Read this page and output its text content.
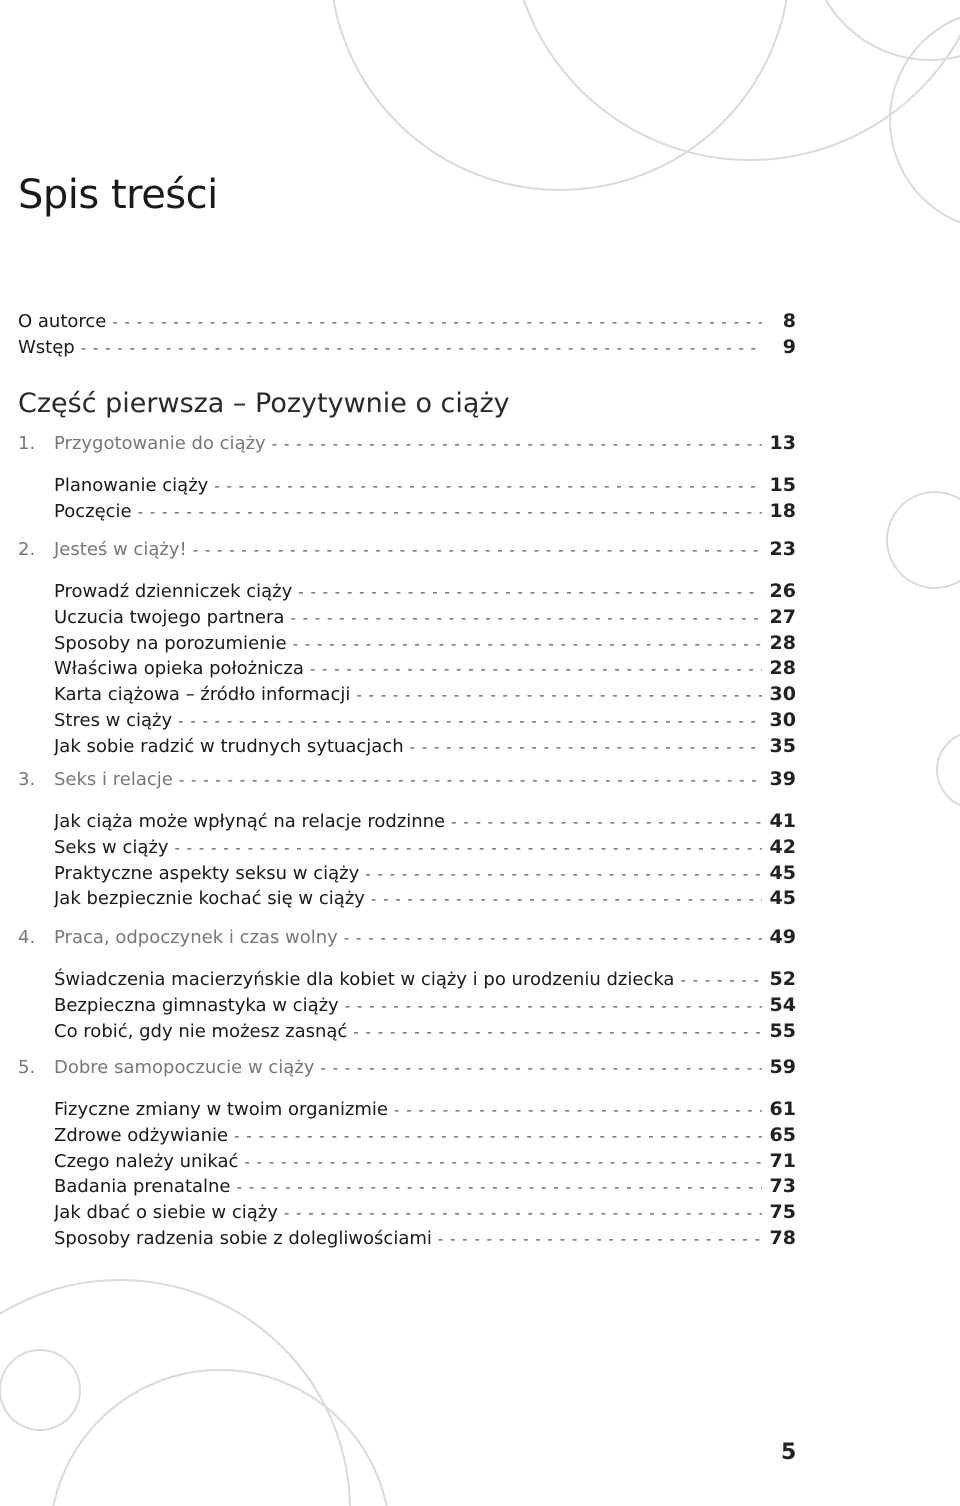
Spis treści
O autorce - - -	8
Wstęp - - -	9
Część pierwsza – Pozytywnie o ciąży
1.	Przygotowanie do ciąży - - -	13
Planowanie ciąży - - -	15
Poczęcie - - -	18
2.	Jesteś w ciąży! - - -	23
Prowadź dzienniczek ciąży - - -	26
Uczucia twojego partnera - - -	27
Sposoby na porozumienie - - -	28
Właściwa opieka położnicza - - -	28
Karta ciążowa – źródło informacji - - -	30
Stres w ciąży - - -	30
Jak sobie radzić w trudnych sytuacjach - - -	35
3.	Seks i relacje - - -	39
Jak ciąża może wpłynąć na relacje rodzinne - - -	41
Seks w ciąży - - -	42
Praktyczne aspekty seksu w ciąży - - -	45
Jak bezpiecznie kochać się w ciąży - - -	45
4.	Praca, odpoczynek i czas wolny - - -	49
Świadczenia macierzyńskie dla kobiet w ciąży i po urodzeniu dziecka - - -	52
Bezpieczna gimnastyka w ciąży - - -	54
Co robić, gdy nie możesz zasnąć - - -	55
5.	Dobre samopoczucie w ciąży - - -	59
Fizyczne zmiany w twoim organizmie - - -	61
Zdrowe odżywianie - - -	65
Czego należy unikać - - -	71
Badania prenatalne - - -	73
Jak dbać o siebie w ciąży - - -	75
Sposoby radzenia sobie z dolegliwościami - - -	78
5
